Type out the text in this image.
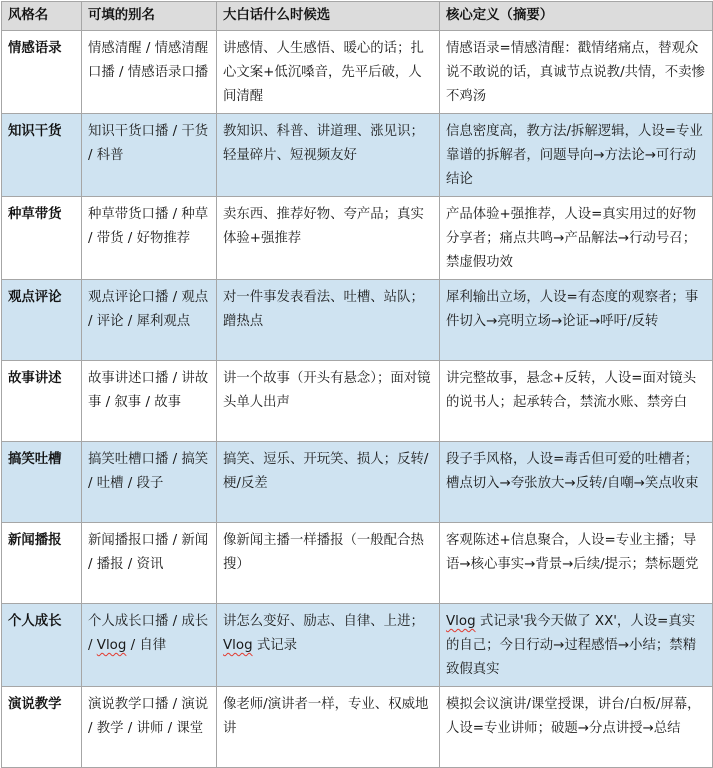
风格名	可填的别名	大白话什么时候选	核心定义（摘要）
情感语录	情感清醒 / 情感清醒口播 / 情感语录口播	讲感情、人生感悟、暖心的话；扎心文案+低沉嗓音，先平后破，人间清醒	情感语录=情感清醒：戳情绪痛点，替观众说不敢说的话，真诚节点说教/共情，不卖惨不鸡汤
知识干货	知识干货口播 / 干货 / 科普	教知识、科普、讲道理、涨见识；轻量碎片、短视频友好	信息密度高，教方法/拆解逻辑，人设=专业靠谱的拆解者，问题导向→方法论→可行动结论
种草带货	种草带货口播 / 种草 / 带货 / 好物推荐	卖东西、推荐好物、夸产品；真实体验+强推荐	产品体验+强推荐，人设=真实用过的好物分享者；痛点共鸣→产品解法→行动号召；禁虚假功效
观点评论	观点评论口播 / 观点 / 评论 / 犀利观点	对一件事发表看法、吐槽、站队；蹭热点	犀利输出立场，人设=有态度的观察者；事件切入→亮明立场→论证→呼吁/反转
故事讲述	故事讲述口播 / 讲故事 / 叙事 / 故事	讲一个故事（开头有悬念）；面对镜头单人出声	讲完整故事，悬念+反转，人设=面对镜头的说书人；起承转合，禁流水账、禁旁白
搞笑吐槽	搞笑吐槽口播 / 搞笑 / 吐槽 / 段子	搞笑、逗乐、开玩笑、损人；反转/梗/反差	段子手风格，人设=毒舌但可爱的吐槽者；槽点切入→夸张放大→反转/自嘲→笑点收束
新闻播报	新闻播报口播 / 新闻 / 播报 / 资讯	像新闻主播一样播报（一般配合热搜）	客观陈述+信息聚合，人设=专业主播；导语→核心事实→背景→后续/提示；禁标题党
个人成长	个人成长口播 / 成长 / Vlog / 自律	讲怎么变好、励志、自律、上进；Vlog 式记录	Vlog 式记录'我今天做了 XX'，人设=真实的自己；今日行动→过程感悟→小结；禁精致假真实
演说教学	演说教学口播 / 演说 / 教学 / 讲师 / 课堂	像老师/演讲者一样，专业、权威地讲	模拟会议演讲/课堂授课，讲台/白板/屏幕，人设=专业讲师；破题→分点讲授→总结
